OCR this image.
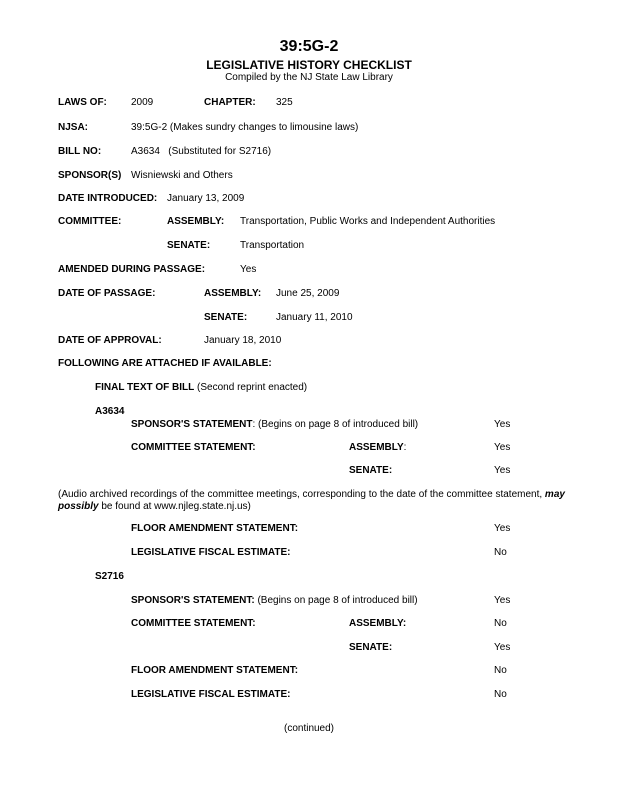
39:5G-2
LEGISLATIVE HISTORY CHECKLIST
Compiled by the NJ State Law Library
LAWS OF: 2009	CHAPTER: 325
NJSA:	39:5G-2 (Makes sundry changes to limousine laws)
BILL NO:	A3634   (Substituted for S2716)
SPONSOR(S) Wisniewski and Others
DATE INTRODUCED: January 13, 2009
COMMITTEE:	ASSEMBLY: Transportation, Public Works and Independent Authorities
SENATE:	Transportation
AMENDED DURING PASSAGE:	Yes
DATE OF PASSAGE:	ASSEMBLY: June 25, 2009
SENATE:	January 11, 2010
DATE OF APPROVAL:	January 18, 2010
FOLLOWING ARE ATTACHED IF AVAILABLE:
FINAL TEXT OF BILL (Second reprint enacted)
A3634
SPONSOR'S STATEMENT: (Begins on page 8 of introduced bill)	Yes
COMMITTEE STATEMENT:	ASSEMBLY:	Yes
SENATE:	Yes
(Audio archived recordings of the committee meetings, corresponding to the date of the committee statement, may possibly be found at www.njleg.state.nj.us)
FLOOR AMENDMENT STATEMENT:	Yes
LEGISLATIVE FISCAL ESTIMATE:	No
S2716
SPONSOR'S STATEMENT: (Begins on page 8 of introduced bill)	Yes
COMMITTEE STATEMENT:	ASSEMBLY:	No
SENATE:	Yes
FLOOR AMENDMENT STATEMENT:	No
LEGISLATIVE FISCAL ESTIMATE:	No
(continued)
